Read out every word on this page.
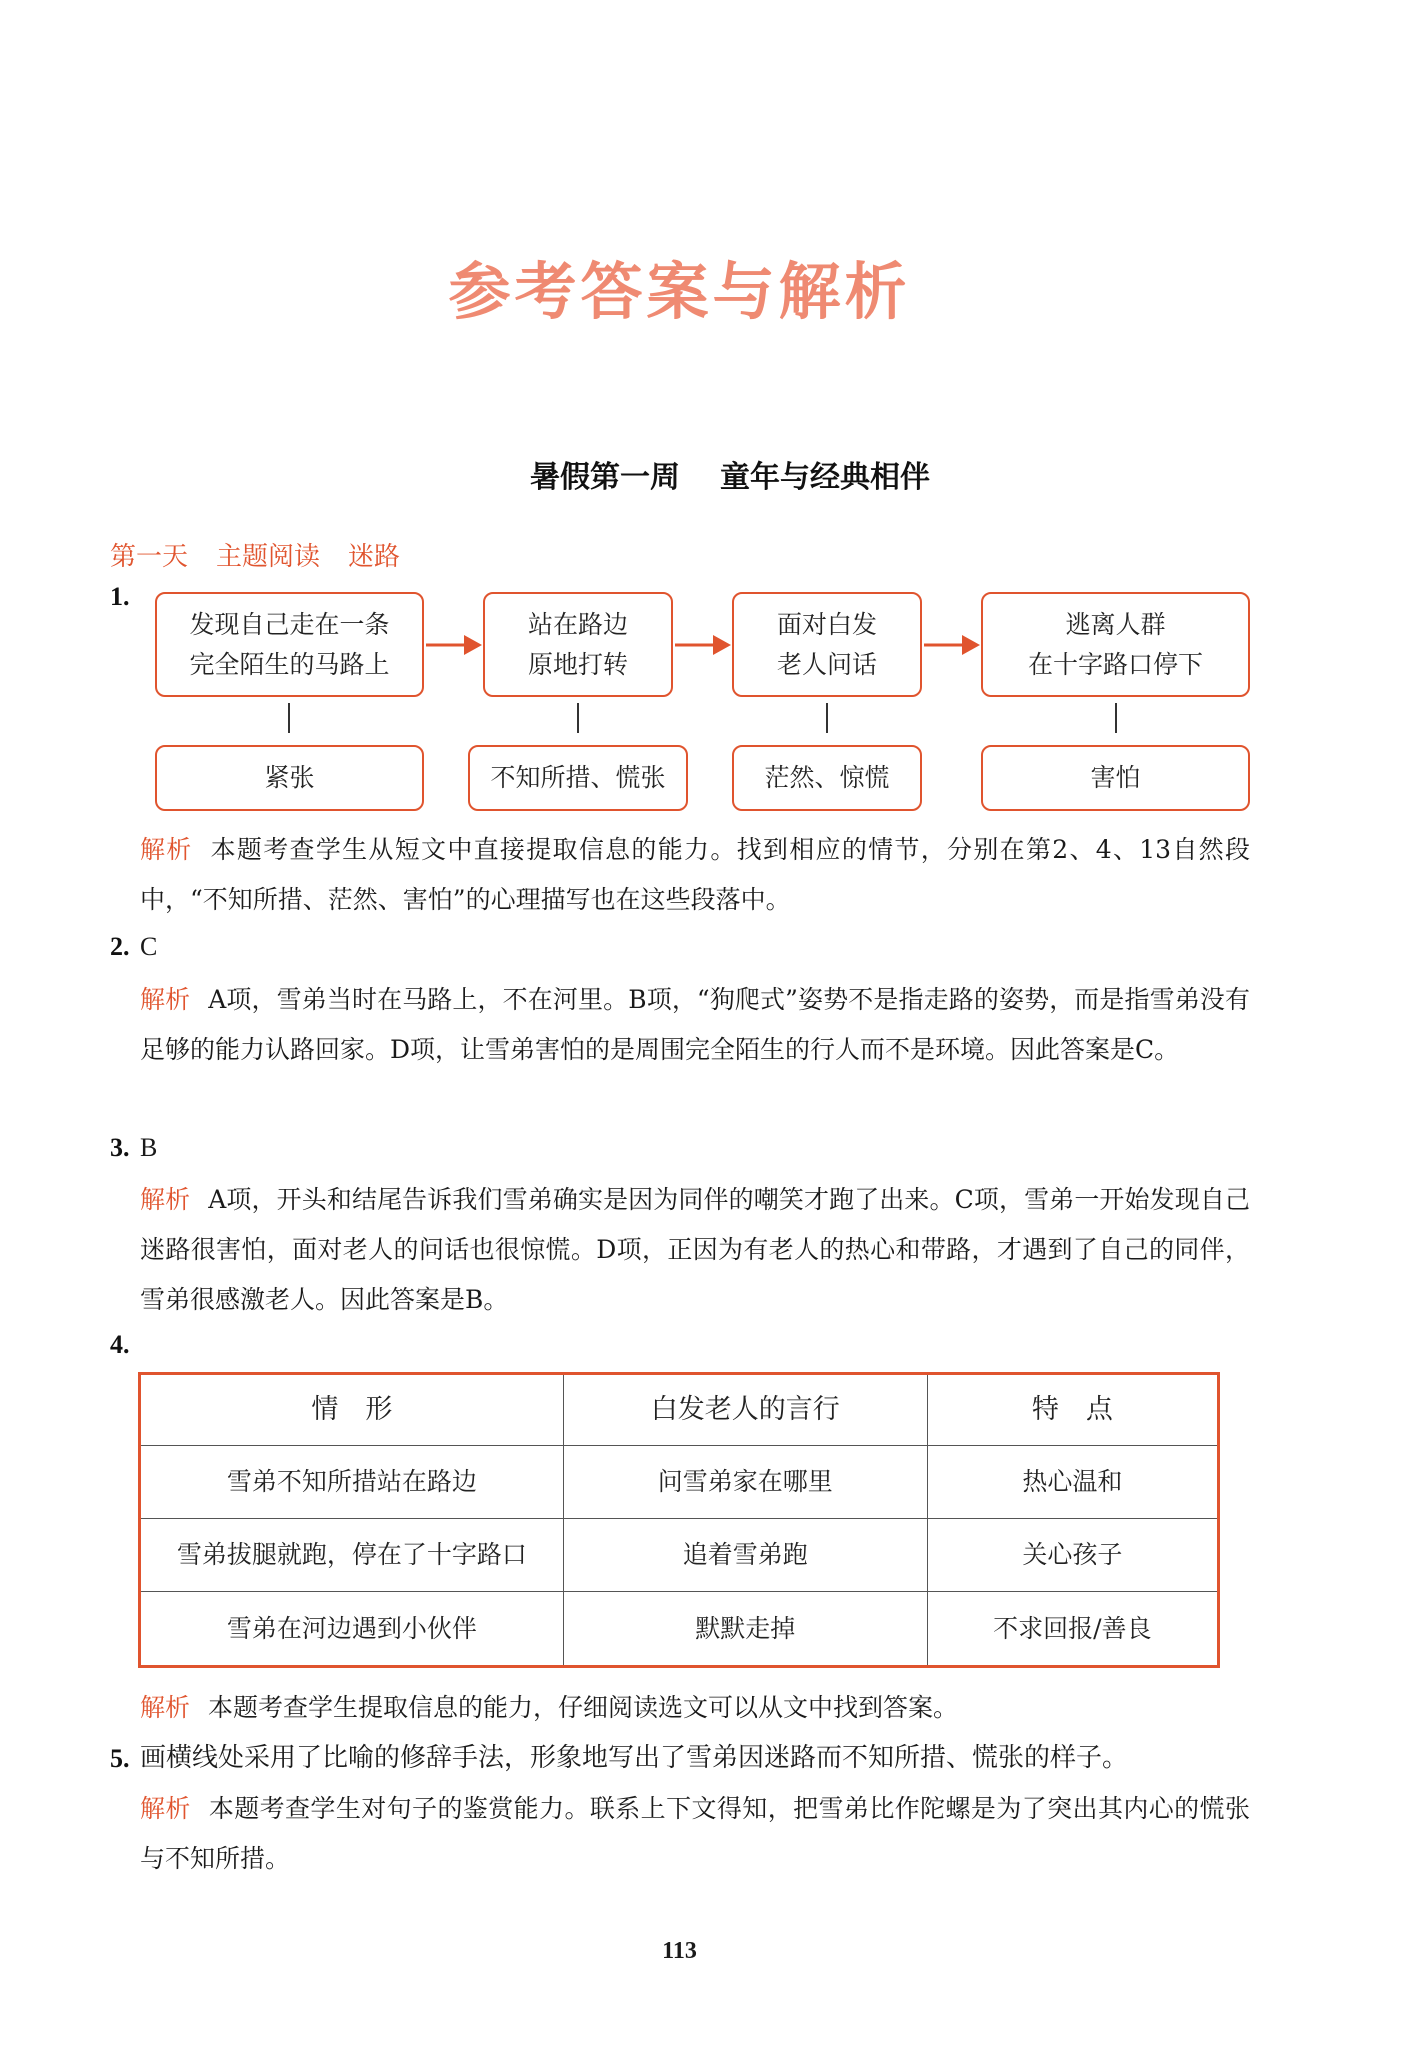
参考答案与解析
暑假第一周 童年与经典相伴
第一天 主题阅读 迷路
1.
发现自己走在一条
完全陌生的马路上
站在路边
原地打转
面对白发
老人问话
逃离人群
在十字路口停下
紧张	不知所措、慌张	茫然、惊慌	害怕
解析 本题考查学生从短文中直接提取信息的能力。找到相应的情节，分别在第2、4、13自然段中，“不知所措、茫然、害怕”的心理描写也在这些段落中。
2. C
解析 A项，雪弟当时在马路上，不在河里。B项，“狗爬式”姿势不是指走路的姿势，而是指雪弟没有足够的能力认路回家。D项，让雪弟害怕的是周围完全陌生的行人而不是环境。因此答案是C。
3. B
解析 A项，开头和结尾告诉我们雪弟确实是因为同伴的嘲笑才跑了出来。C项，雪弟一开始发现自己迷路很害怕，面对老人的问话也很惊慌。D项，正因为有老人的热心和带路，才遇到了自己的同伴，雪弟很感激老人。因此答案是B。
4.
情　形	白发老人的言行	特　点
雪弟不知所措站在路边	问雪弟家在哪里	热心温和
雪弟拔腿就跑，停在了十字路口	追着雪弟跑	关心孩子
雪弟在河边遇到小伙伴	默默走掉	不求回报/善良
解析 本题考查学生提取信息的能力，仔细阅读选文可以从文中找到答案。
5. 画横线处采用了比喻的修辞手法，形象地写出了雪弟因迷路而不知所措、慌张的样子。
解析 本题考查学生对句子的鉴赏能力。联系上下文得知，把雪弟比作陀螺是为了突出其内心的慌张与不知所措。
113
